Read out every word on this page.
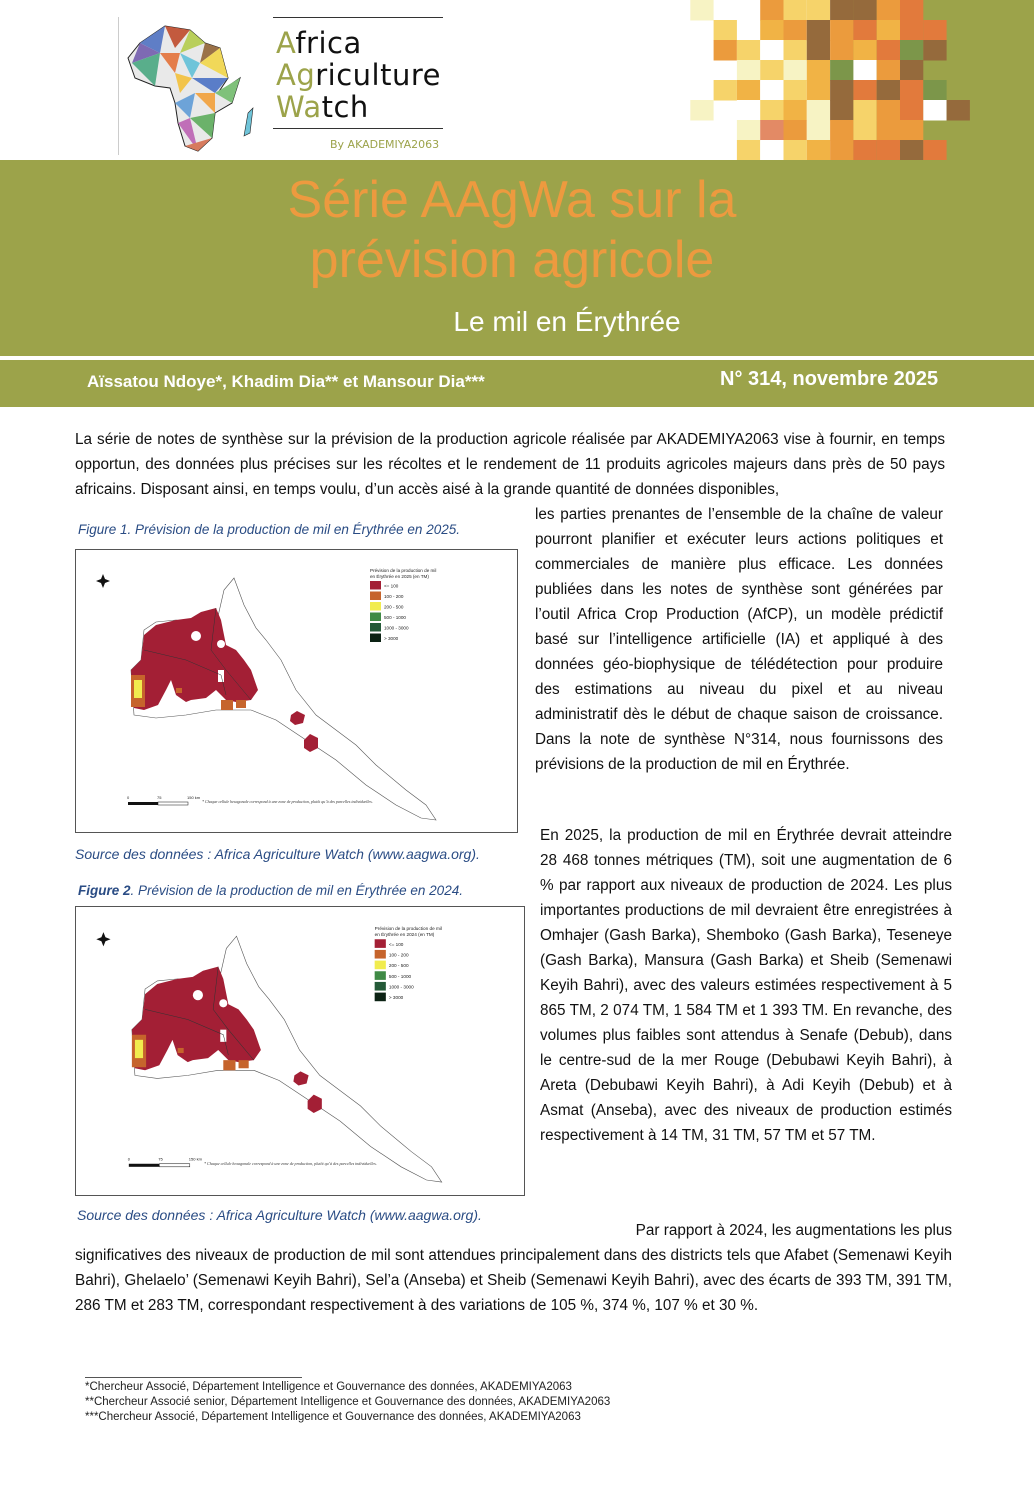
Africa
Agriculture
Watch
By AKADEMIYA2063
Série AAgWa sur la
prévision agricole
Le mil en Érythrée
Aïssatou Ndoye*, Khadim Dia** et Mansour Dia***	N° 314, novembre 2025
La série de notes de synthèse sur la prévision de la production agricole réalisée par AKADEMIYA2063 vise à fournir, en temps opportun, des données plus précises sur les récoltes et le rendement de 11 produits agricoles majeurs dans près de 50 pays africains. Disposant ainsi, en temps voulu, d’un accès aisé à la grande quantité de données disponibles,
les parties prenantes de l’ensemble de la chaîne de valeur pourront planifier et exécuter leurs actions politiques et commerciales de manière plus efficace. Les données publiées dans les notes de synthèse sont générées par l’outil Africa Crop Production (AfCP), un modèle prédictif basé sur l’intelligence artificielle (IA) et appliqué à des données géo-biophysique de télédétection pour produire des estimations au niveau du pixel et au niveau administratif dès le début de chaque saison de croissance. Dans la note de synthèse N°314, nous fournissons des prévisions de la production de mil en Érythrée.
Figure 1. Prévision de la production de mil en Érythrée en 2025.
Prévision de la production de mil
en Érythrée en 2025 (en TM)
<= 100
100 - 200
200 - 500
500 - 1000
1000 - 3000
> 3000
0	75	150 km
* Chaque cellule hexagonale correspond à une zone de production, plutôt qu’à des parcelles individuelles.
Source des données : Africa Agriculture Watch (www.aagwa.org).
Figure 2. Prévision de la production de mil en Érythrée en 2024.
Prévision de la production de mil
en Érythrée en 2024 (en TM)
<= 100
100 - 200
200 - 500
500 - 1000
1000 - 3000
> 3000
0	75	150 km
* Chaque cellule hexagonale correspond à une zone de production, plutôt qu’à des parcelles individuelles.
Source des données : Africa Agriculture Watch (www.aagwa.org).
En 2025, la production de mil en Érythrée devrait atteindre 28 468 tonnes métriques (TM), soit une augmentation de 6 % par rapport aux niveaux de production de 2024. Les plus importantes productions de mil devraient être enregistrées à Omhajer (Gash Barka), Shemboko (Gash Barka), Teseneye (Gash Barka), Mansura (Gash Barka) et Sheib (Semenawi Keyih Bahri), avec des valeurs estimées respectivement à 5 865 TM, 2 074 TM, 1 584 TM et 1 393 TM. En revanche, des volumes plus faibles sont attendus à Senafe (Debub), dans le centre-sud de la mer Rouge (Debubawi Keyih Bahri), à Areta (Debubawi Keyih Bahri), à Adi Keyih (Debub) et à Asmat (Anseba), avec des niveaux de production estimés respectivement à 14 TM, 31 TM, 57 TM et 57 TM.
Par rapport à 2024, les augmentations les plus
significatives des niveaux de production de mil sont attendues principalement dans des districts tels que Afabet (Semenawi Keyih Bahri), Ghelaelo’ (Semenawi Keyih Bahri), Sel’a (Anseba) et Sheib (Semenawi Keyih Bahri), avec des écarts de 393 TM, 391 TM, 286 TM et 283 TM, correspondant respectivement à des variations de 105 %, 374 %, 107 % et 30 %.
*Chercheur Associé, Département Intelligence et Gouvernance des données, AKADEMIYA2063
**Chercheur Associé senior, Département Intelligence et Gouvernance des données, AKADEMIYA2063
***Chercheur Associé, Département Intelligence et Gouvernance des données, AKADEMIYA2063
